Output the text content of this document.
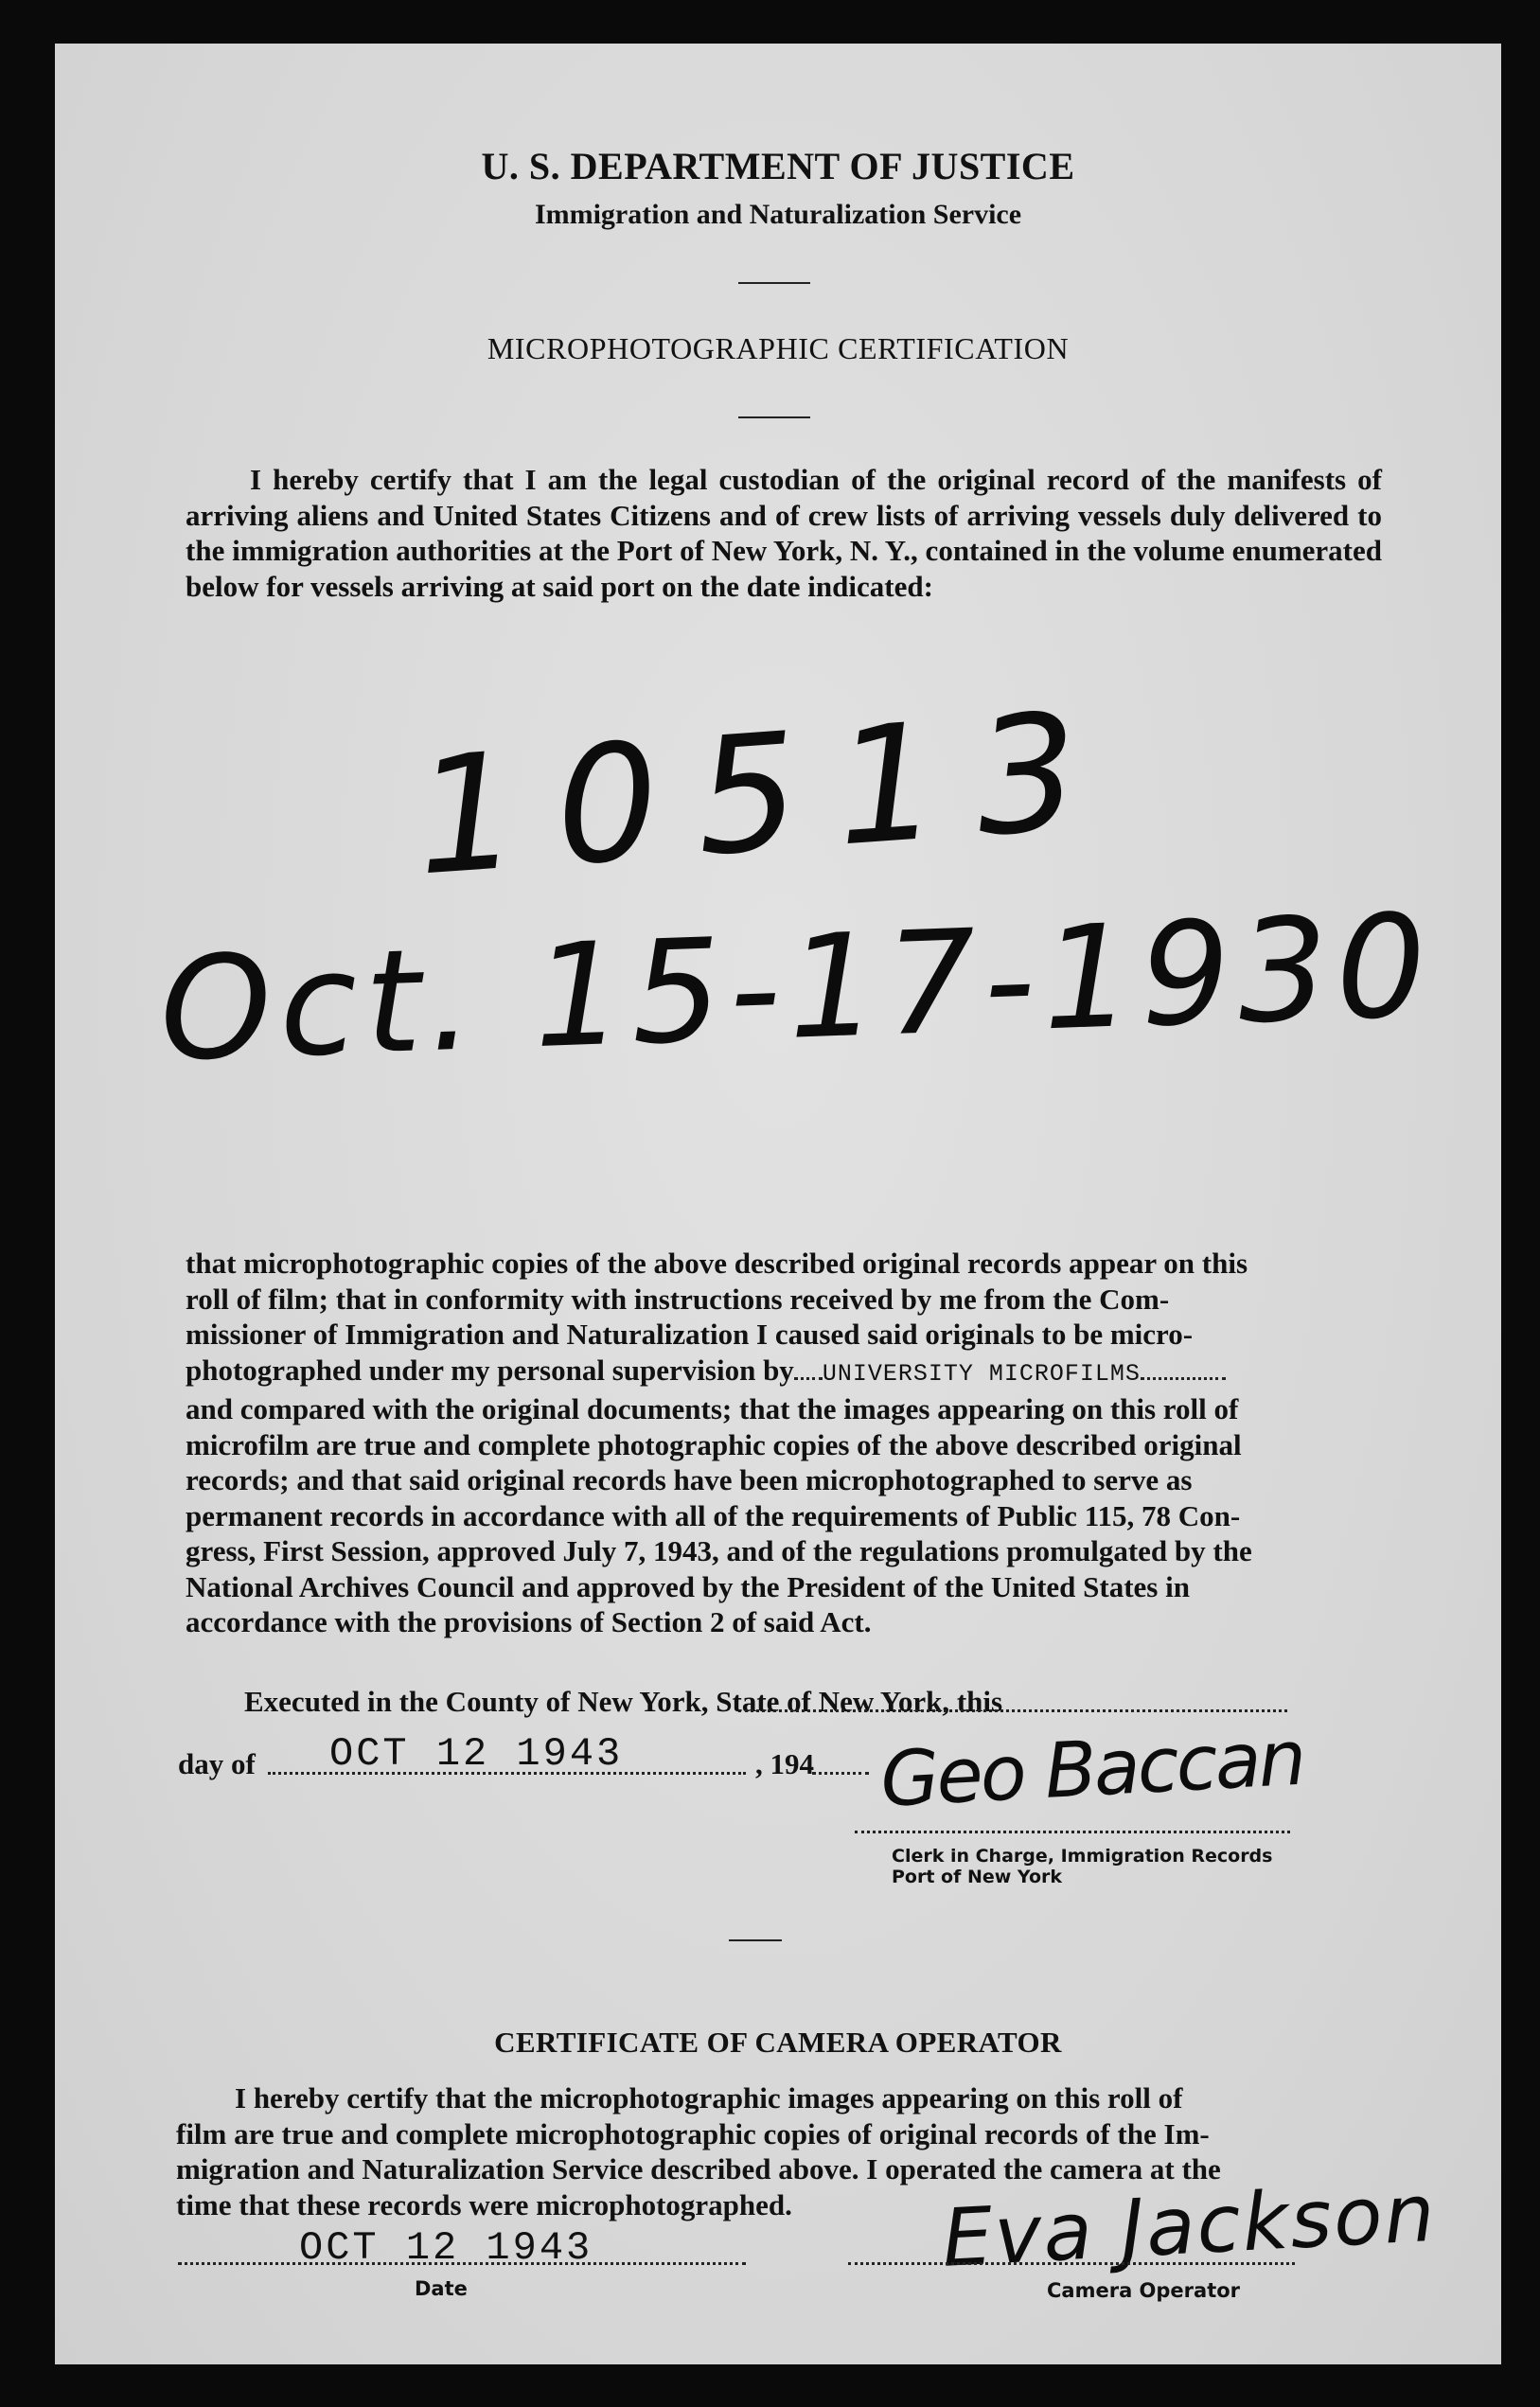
U. S. DEPARTMENT OF JUSTICE
Immigration and Naturalization Service
MICROPHOTOGRAPHIC CERTIFICATION
I hereby certify that I am the legal custodian of the original record of the manifests of arriving aliens and United States Citizens and of crew lists of arriving vessels duly delivered to the immigration authorities at the Port of New York, N. Y., contained in the volume enumerated below for vessels arriving at said port on the date indicated:
10513
Oct. 15-17-1930
that microphotographic copies of the above described original records appear on this
roll of film; that in conformity with instructions received by me from the Com-
missioner of Immigration and Naturalization I caused said originals to be micro-
photographed under my personal supervision by UNIVERSITY MICROFILMS
and compared with the original documents; that the images appearing on this roll of
microfilm are true and complete photographic copies of the above described original
records; and that said original records have been microphotographed to serve as
permanent records in accordance with all of the requirements of Public 115, 78 Con-
gress, First Session, approved July 7, 1943, and of the regulations promulgated by the
National Archives Council and approved by the President of the United States in
accordance with the provisions of Section 2 of said Act.
Executed in the County of New York, State of New York, this
day of OCT 12 1943	, 194 Geo Baccan
Clerk in Charge, Immigration Records
Port of New York
CERTIFICATE OF CAMERA OPERATOR
I hereby certify that the microphotographic images appearing on this roll of
film are true and complete microphotographic copies of original records of the Im-
migration and Naturalization Service described above. I operated the camera at the
time that these records were microphotographed.
OCT 12 1943
Date
Eva Jackson
Camera Operator
